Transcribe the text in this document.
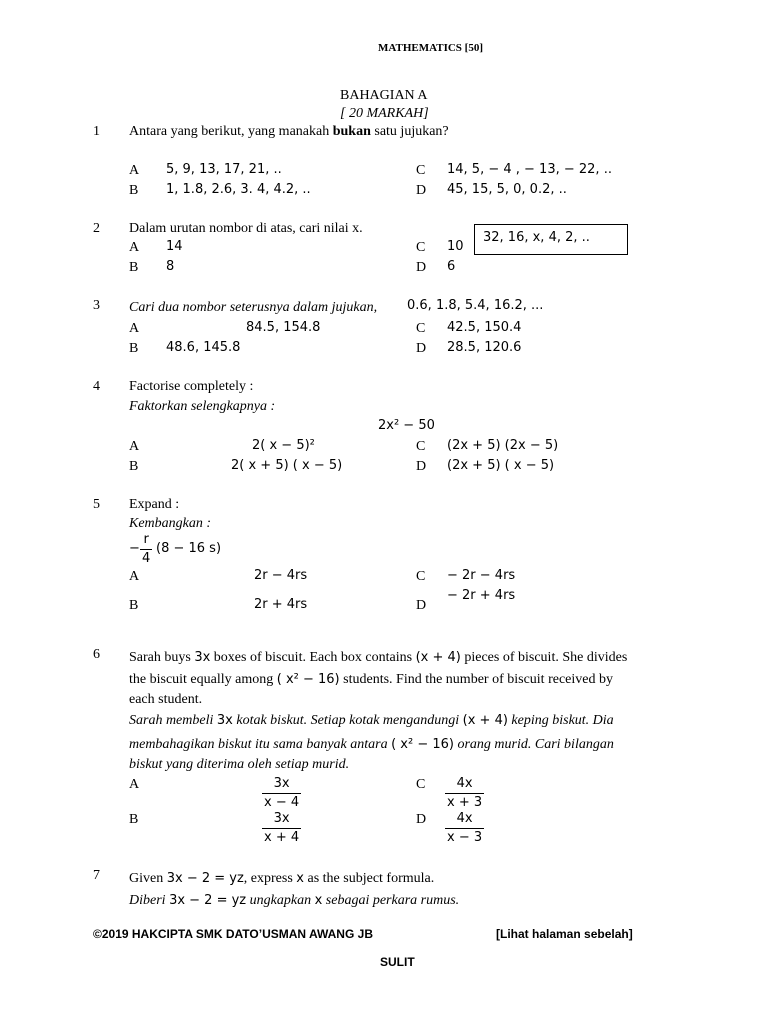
MATHEMATICS [50]
BAHAGIAN A
[ 20 MARKAH]
1 Antara yang berikut, yang manakah bukan satu jujukan?
A 5, 9, 13, 17, 21, ..
B 1, 1.8, 2.6, 3. 4, 4.2, ..
C 14, 5, − 4 , − 13, − 22, ..
D 45, 15, 5, 0, 0.2, ..
2 Dalam urutan nombor di atas, cari nilai x.
32, 16, x, 4, 2, ..
A 14
B 8
C 10
D 6
3 Cari dua nombor seterusnya dalam jujukan, 0.6, 1.8, 5.4, 16.2, ...
A	84.5, 154.8
B 48.6, 145.8
C 42.5, 150.4
D 28.5, 120.6
4 Factorise completely :
Faktorkan selengkapnya :
2x² − 50
A	2( x − 5)²
B	2( x + 5) ( x − 5)
C (2x + 5) (2x − 5)
D (2x + 5) ( x − 5)
5 Expand :
Kembangkan :
−
r
4
(8 − 16 s)
A	2r − 4rs
B	2r + 4rs
C − 2r − 4rs
D
− 2r + 4rs
6 Sarah buys 3x boxes of biscuit. Each box contains (x + 4) pieces of biscuit. She divides
the biscuit equally among ( x² − 16) students. Find the number of biscuit received by
each student.
Sarah membeli 3x kotak biskut. Setiap kotak mengandungi (x + 4) keping biskut. Dia
membahagikan biskut itu sama banyak antara ( x² − 16) orang murid. Cari bilangan
biskut yang diterima oleh setiap murid.
A	3x
x − 4
B	3x
x + 4
C 4x
x + 3
D 4x
x − 3
7 Given 3x − 2 = yz, express x as the subject formula.
Diberi 3x − 2 = yz ungkapkan x sebagai perkara rumus.
©2019 HAKCIPTA SMK DATO’USMAN AWANG JB	[Lihat halaman sebelah]
SULIT
